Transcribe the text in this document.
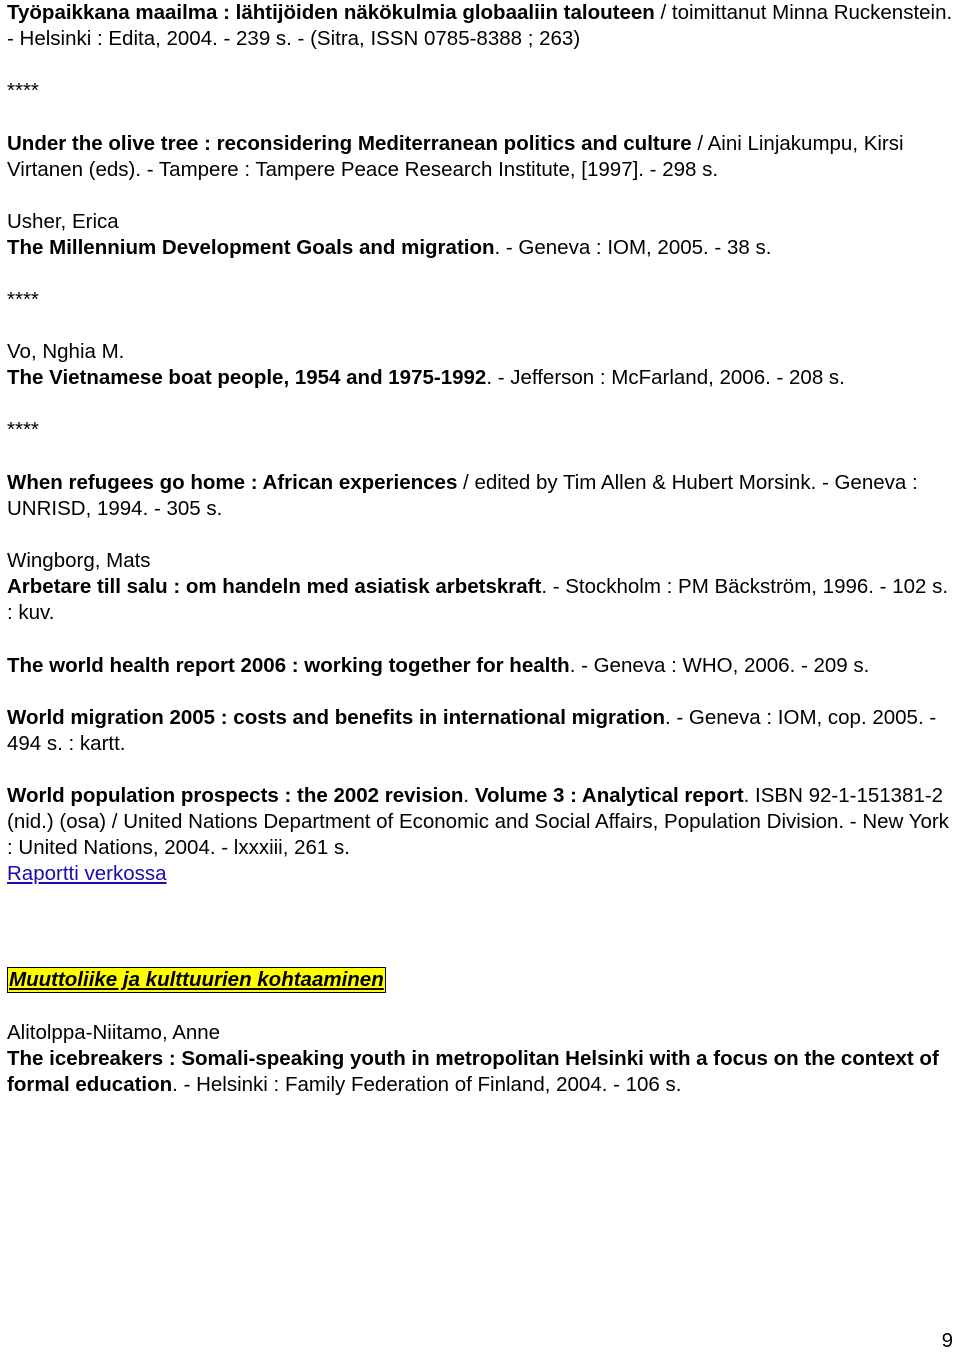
Työpaikkana maailma : lähtijöiden näkökulmia globaaliin talouteen / toimittanut Minna Ruckenstein. - Helsinki : Edita, 2004. - 239 s. - (Sitra, ISSN 0785-8388 ; 263)

****

Under the olive tree : reconsidering Mediterranean politics and culture / Aini Linjakumpu, Kirsi Virtanen (eds). - Tampere : Tampere Peace Research Institute, [1997]. - 298 s.

Usher, Erica
The Millennium Development Goals and migration. - Geneva : IOM, 2005. - 38 s.

****

Vo, Nghia M.
The Vietnamese boat people, 1954 and 1975-1992. - Jefferson : McFarland, 2006. - 208 s.

****

When refugees go home : African experiences / edited by Tim Allen & Hubert Morsink. - Geneva : UNRISD, 1994. - 305 s.

Wingborg, Mats
Arbetare till salu : om handeln med asiatisk arbetskraft. - Stockholm : PM Bäckström, 1996. - 102 s. : kuv.

The world health report 2006 : working together for health. - Geneva : WHO, 2006. - 209 s.

World migration 2005 : costs and benefits in international migration. - Geneva : IOM, cop. 2005. - 494 s. : kartt.

World population prospects : the 2002 revision. Volume 3 : Analytical report. ISBN 92-1-151381-2 (nid.) (osa) / United Nations Department of Economic and Social Affairs, Population Division. - New York : United Nations, 2004. - lxxxiii, 261 s.
Raportti verkossa
Muuttoliike ja kulttuurien kohtaaminen
Alitolppa-Niitamo, Anne
The icebreakers : Somali-speaking youth in metropolitan Helsinki with a focus on the context of formal education. - Helsinki : Family Federation of Finland, 2004. - 106 s.
9
